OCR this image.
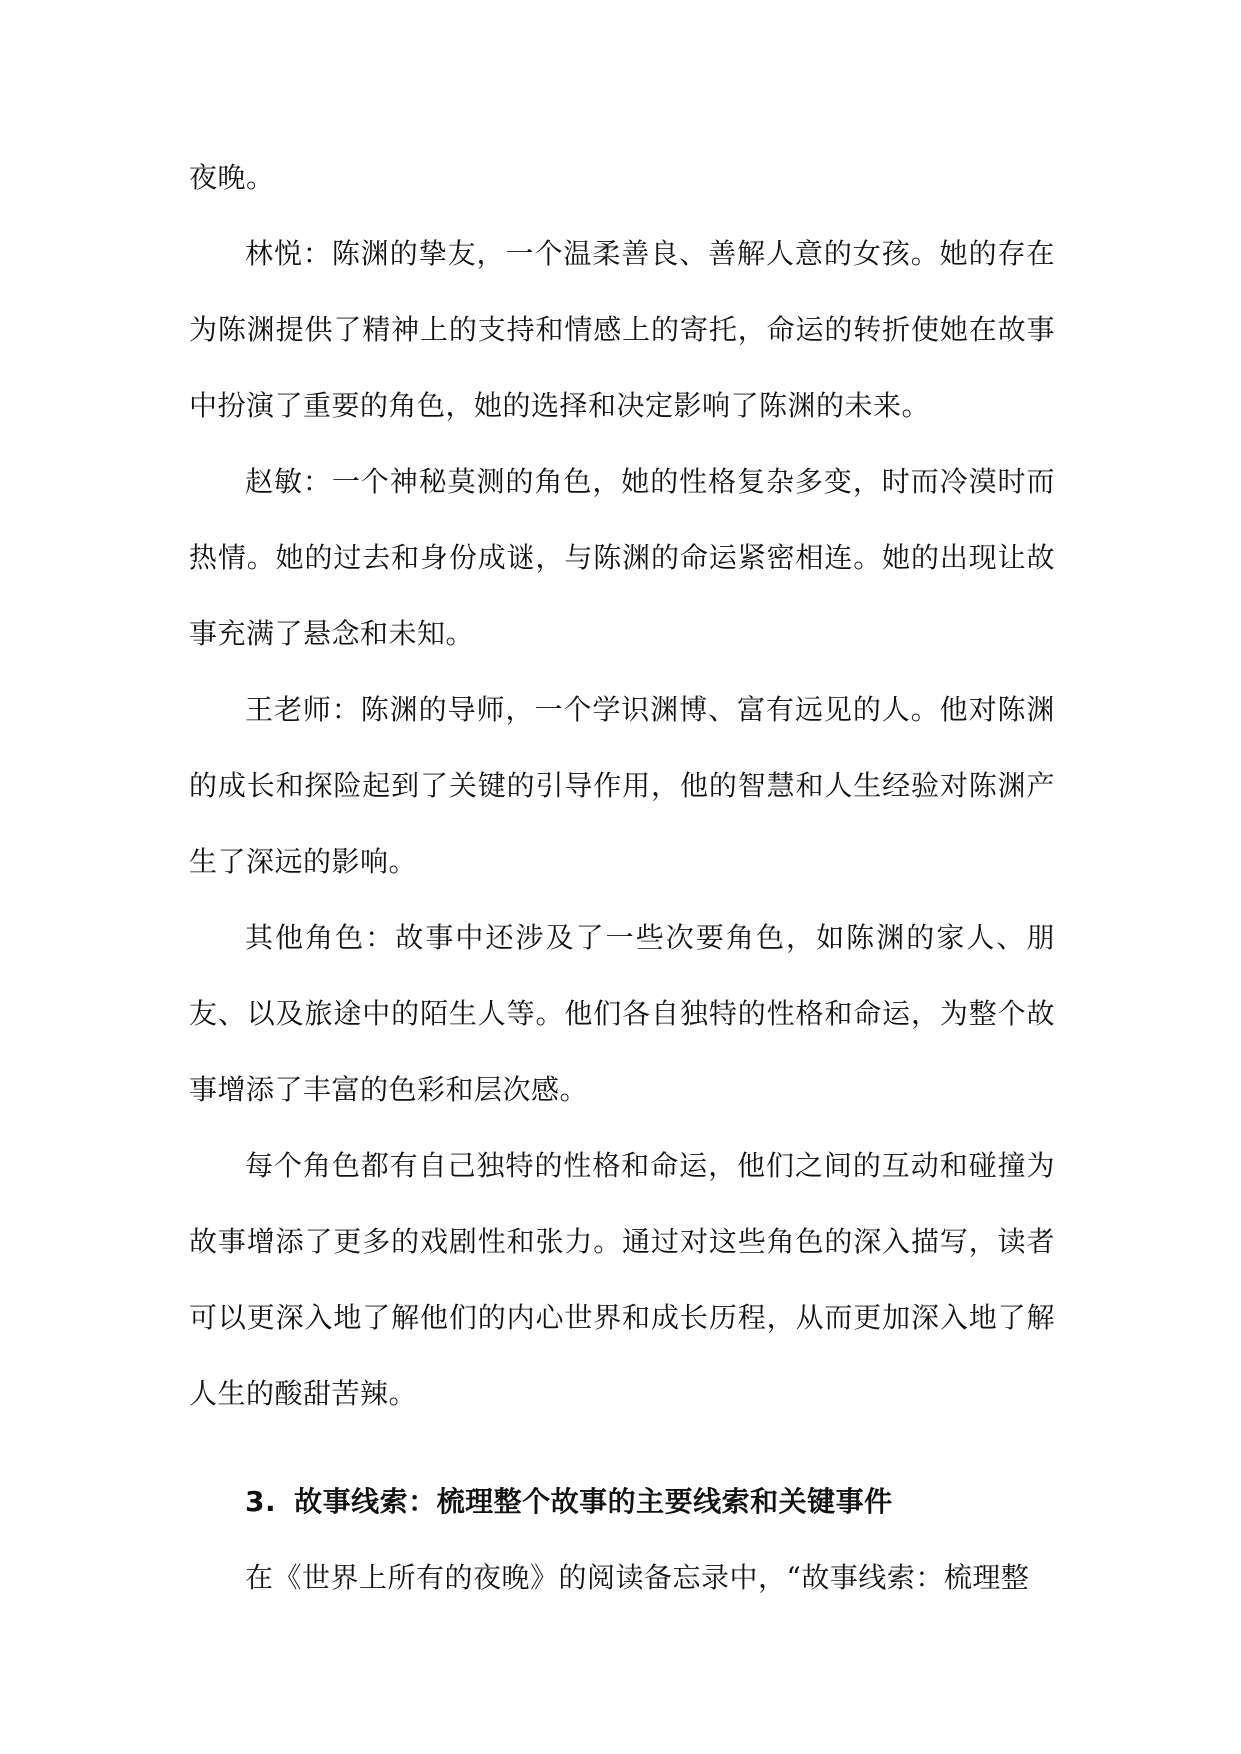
夜晚。

林悦：陈渊的挚友，一个温柔善良、善解人意的女孩。她的存在为陈渊提供了精神上的支持和情感上的寄托，命运的转折使她在故事中扮演了重要的角色，她的选择和决定影响了陈渊的未来。

赵敏：一个神秘莫测的角色，她的性格复杂多变，时而冷漠时而热情。她的过去和身份成谜，与陈渊的命运紧密相连。她的出现让故事充满了悬念和未知。

王老师：陈渊的导师，一个学识渊博、富有远见的人。他对陈渊的成长和探险起到了关键的引导作用，他的智慧和人生经验对陈渊产生了深远的影响。

其他角色：故事中还涉及了一些次要角色，如陈渊的家人、朋友、以及旅途中的陌生人等。他们各自独特的性格和命运，为整个故事增添了丰富的色彩和层次感。

每个角色都有自己独特的性格和命运，他们之间的互动和碰撞为故事增添了更多的戏剧性和张力。通过对这些角色的深入描写，读者可以更深入地了解他们的内心世界和成长历程，从而更加深入地了解人生的酸甜苦辣。

3. 故事线索：梳理整个故事的主要线索和关键事件

在《世界上所有的夜晚》的阅读备忘录中，“故事线索：梳理整
